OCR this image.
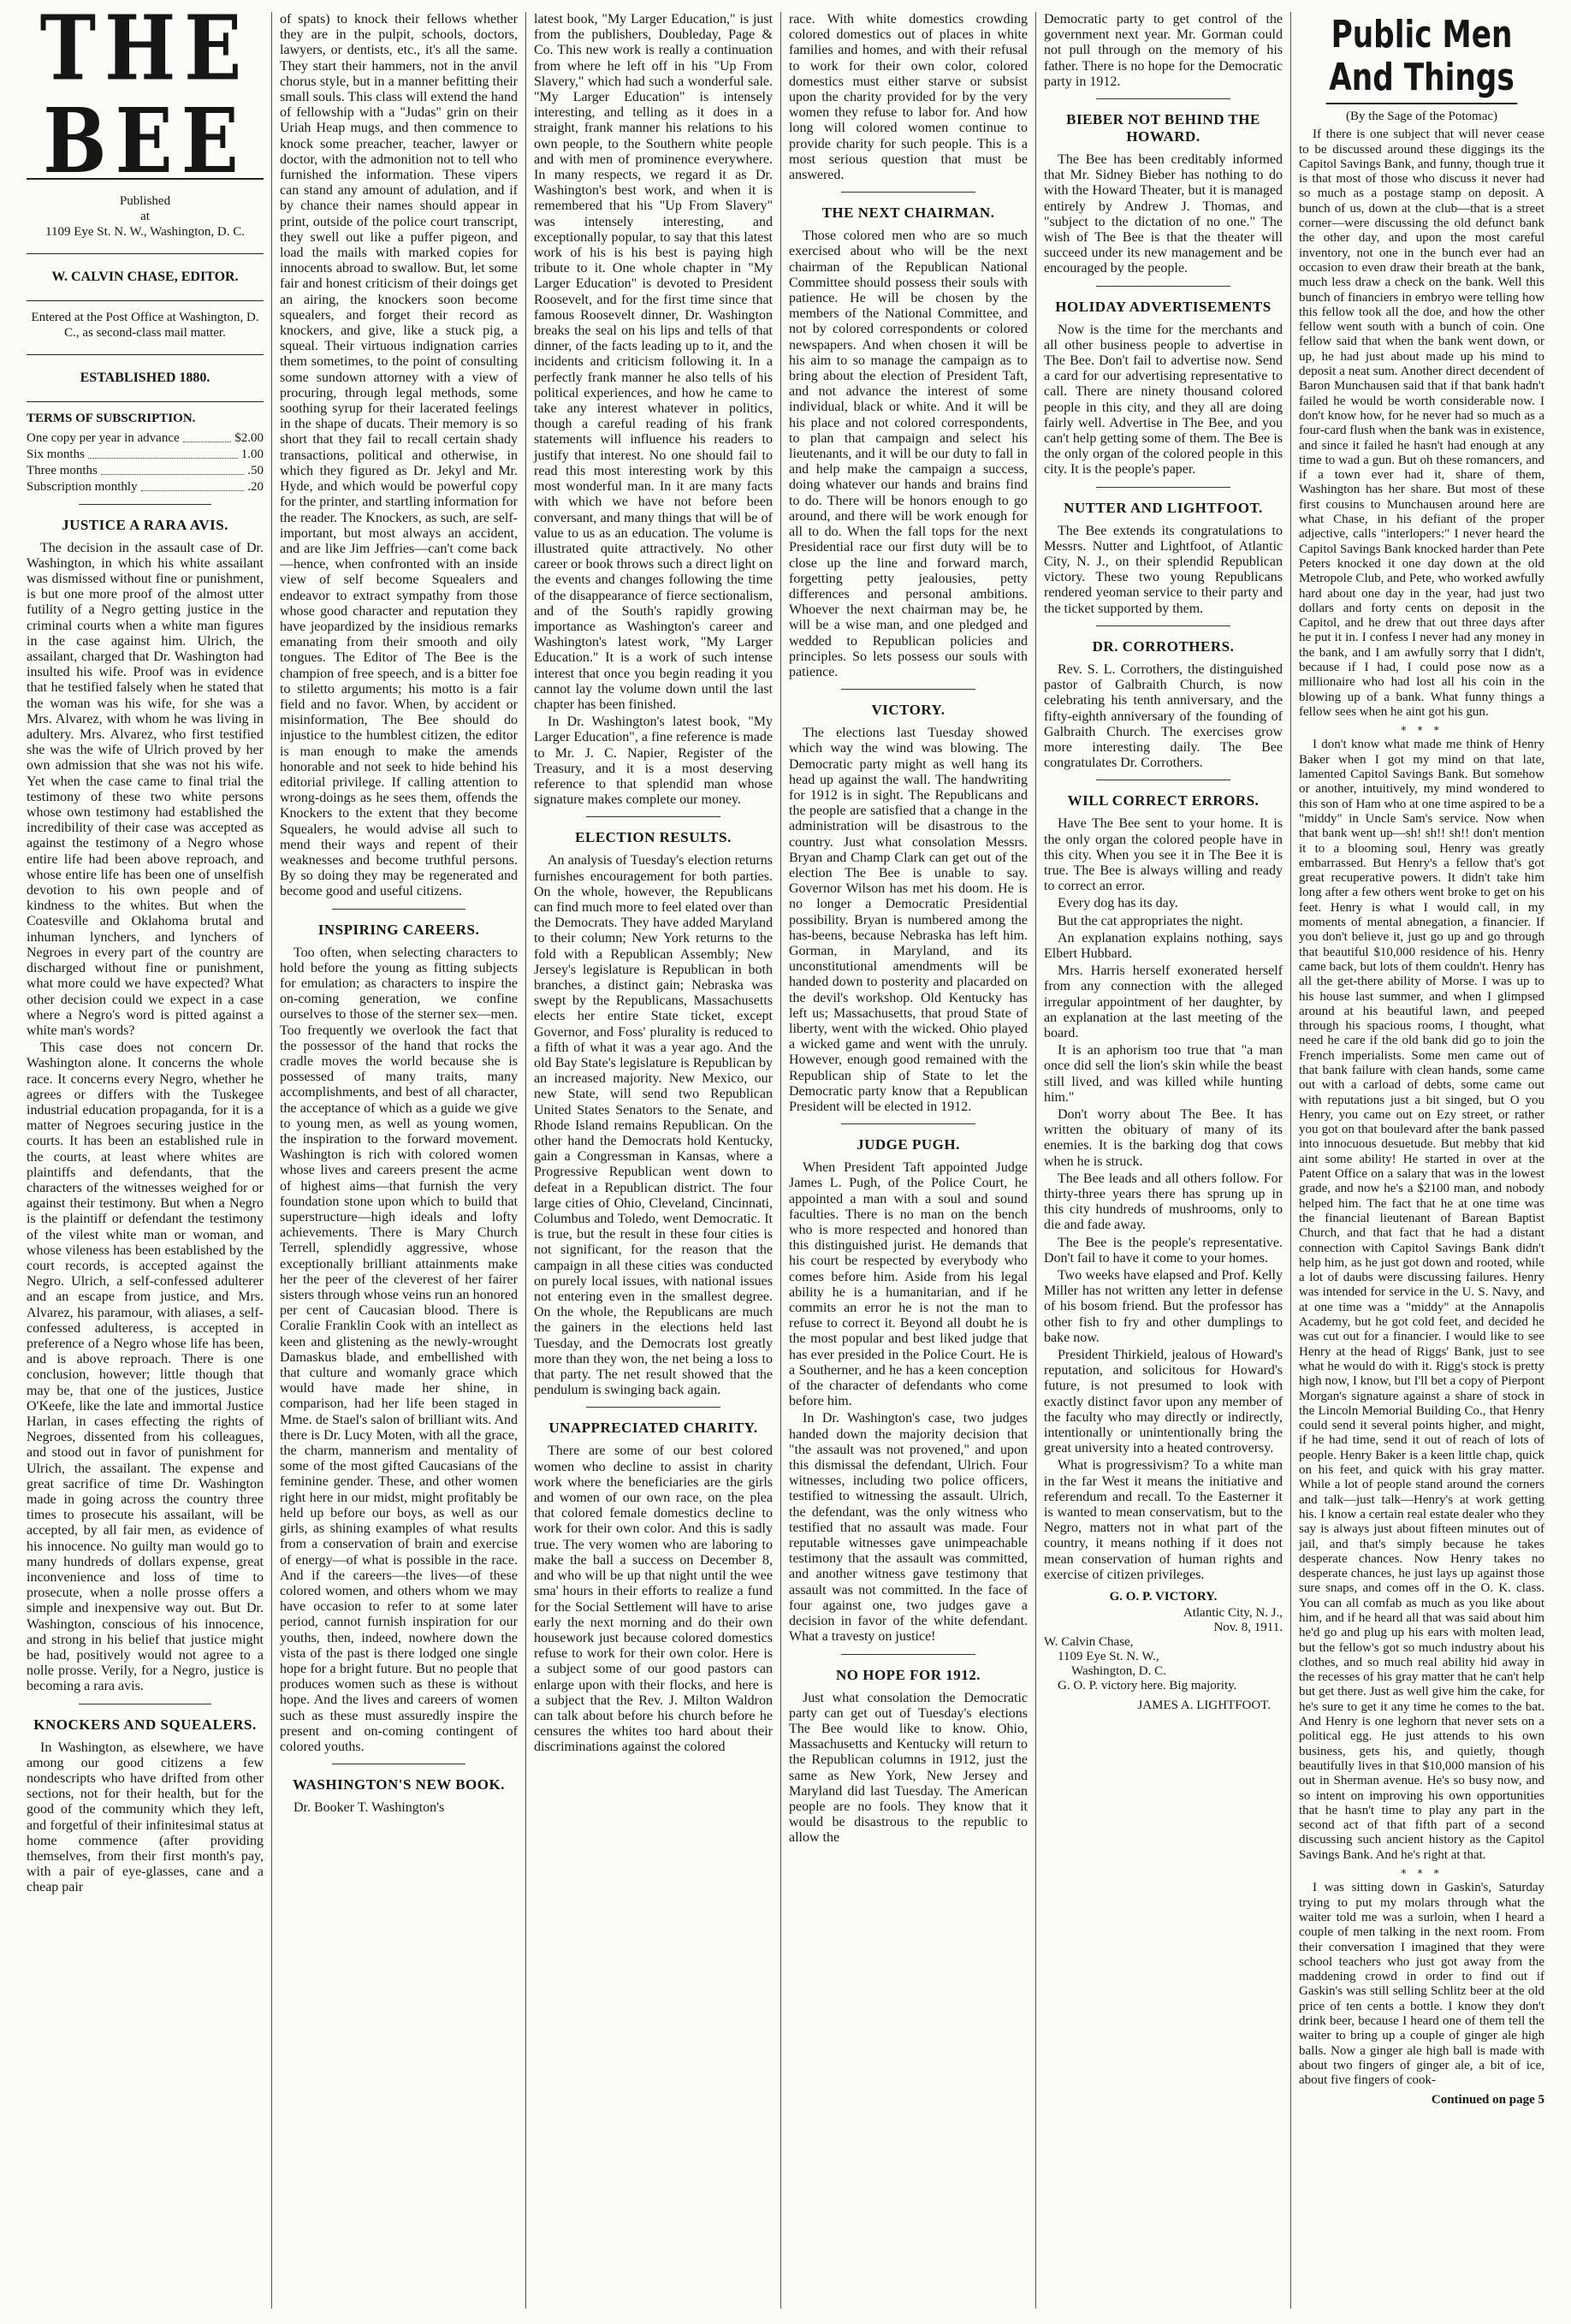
THE BEE
Published
at
1109 Eye St. N. W., Washington, D. C.
W. CALVIN CHASE, EDITOR.
Entered at the Post Office at Washington, D. C., as second-class mail matter.
ESTABLISHED 1880.
TERMS OF SUBSCRIPTION.
One copy per year in advance	$2.00
Six months	1.00
Three months	.50
Subscription monthly	.20
JUSTICE A RARA AVIS.

The decision in the assault case of Dr. Washington, in which his white assailant was dismissed without fine or punishment, is but one more proof of the almost utter futility of a Negro getting justice in the criminal courts when a white man figures in the case against him. Ulrich, the assailant, charged that Dr. Washington had insulted his wife. Proof was in evidence that he testified falsely when he stated that the woman was his wife, for she was a Mrs. Alvarez, with whom he was living in adultery. Mrs. Alvarez, who first testified she was the wife of Ulrich proved by her own admission that she was not his wife. Yet when the case came to final trial the testimony of these two white persons whose own testimony had established the incredibility of their case was accepted as against the testimony of a Negro whose entire life had been above reproach, and whose entire life has been one of unselfish devotion to his own people and of kindness to the whites. But when the Coatesville and Oklahoma brutal and inhuman lynchers, and lynchers of Negroes in every part of the country are discharged without fine or punishment, what more could we have expected? What other decision could we expect in a case where a Negro's word is pitted against a white man's words?

This case does not concern Dr. Washington alone. It concerns the whole race. It concerns every Negro, whether he agrees or differs with the Tuskegee industrial education propaganda, for it is a matter of Negroes securing justice in the courts. It has been an established rule in the courts, at least where whites are plaintiffs and defendants, that the characters of the witnesses weighed for or against their testimony. But when a Negro is the plaintiff or defendant the testimony of the vilest white man or woman, and whose vileness has been established by the court records, is accepted against the Negro. Ulrich, a self-confessed adulterer and an escape from justice, and Mrs. Alvarez, his paramour, with aliases, a self-confessed adulteress, is accepted in preference of a Negro whose life has been, and is above reproach. There is one conclusion, however; little though that may be, that one of the justices, Justice O'Keefe, like the late and immortal Justice Harlan, in cases effecting the rights of Negroes, dissented from his colleagues, and stood out in favor of punishment for Ulrich, the assailant. The expense and great sacrifice of time Dr. Washington made in going across the country three times to prosecute his assailant, will be accepted, by all fair men, as evidence of his innocence. No guilty man would go to many hundreds of dollars expense, great inconvenience and loss of time to prosecute, when a nolle prosse offers a simple and inexpensive way out. But Dr. Washington, conscious of his innocence, and strong in his belief that justice might be had, positively would not agree to a nolle prosse. Verily, for a Negro, justice is becoming a rara avis.

KNOCKERS AND SQUEALERS.

In Washington, as elsewhere, we have among our good citizens a few nondescripts who have drifted from other sections, not for their health, but for the good of the community which they left, and forgetful of their infinitesimal status at home commence (after providing themselves, from their first month's pay, with a pair of eye-glasses, cane and a cheap pair

of spats) to knock their fellows whether they are in the pulpit, schools, doctors, lawyers, or dentists, etc., it's all the same. They start their hammers, not in the anvil chorus style, but in a manner befitting their small souls. This class will extend the hand of fellowship with a "Judas" grin on their Uriah Heap mugs, and then commence to knock some preacher, teacher, lawyer or doctor, with the admonition not to tell who furnished the information. These vipers can stand any amount of adulation, and if by chance their names should appear in print, outside of the police court transcript, they swell out like a puffer pigeon, and load the mails with marked copies for innocents abroad to swallow. But, let some fair and honest criticism of their doings get an airing, the knockers soon become squealers, and forget their record as knockers, and give, like a stuck pig, a squeal. Their virtuous indignation carries them sometimes, to the point of consulting some sundown attorney with a view of procuring, through legal methods, some soothing syrup for their lacerated feelings in the shape of ducats. Their memory is so short that they fail to recall certain shady transactions, political and otherwise, in which they figured as Dr. Jekyl and Mr. Hyde, and which would be powerful copy for the printer, and startling information for the reader. The Knockers, as such, are self-important, but most always an accident, and are like Jim Jeffries—can't come back—hence, when confronted with an inside view of self become Squealers and endeavor to extract sympathy from those whose good character and reputation they have jeopardized by the insidious remarks emanating from their smooth and oily tongues. The Editor of The Bee is the champion of free speech, and is a bitter foe to stiletto arguments; his motto is a fair field and no favor. When, by accident or misinformation, The Bee should do injustice to the humblest citizen, the editor is man enough to make the amends honorable and not seek to hide behind his editorial privilege. If calling attention to wrong-doings as he sees them, offends the Knockers to the extent that they become Squealers, he would advise all such to mend their ways and repent of their weaknesses and become truthful persons. By so doing they may be regenerated and become good and useful citizens.

INSPIRING CAREERS.

Too often, when selecting characters to hold before the young as fitting subjects for emulation; as characters to inspire the on-coming generation, we confine ourselves to those of the sterner sex—men. Too frequently we overlook the fact that the possessor of the hand that rocks the cradle moves the world because she is possessed of many traits, many accomplishments, and best of all character, the acceptance of which as a guide we give to young men, as well as young women, the inspiration to the forward movement. Washington is rich with colored women whose lives and careers present the acme of highest aims—that furnish the very foundation stone upon which to build that superstructure—high ideals and lofty achievements. There is Mary Church Terrell, splendidly aggressive, whose exceptionally brilliant attainments make her the peer of the cleverest of her fairer sisters through whose veins run an honored per cent of Caucasian blood. There is Coralie Franklin Cook with an intellect as keen and glistening as the newly-wrought Damaskus blade, and embellished with that culture and womanly grace which would have made her shine, in comparison, had her life been staged in Mme. de Stael's salon of brilliant wits. And there is Dr. Lucy Moten, with all the grace, the charm, mannerism and mentality of some of the most gifted Caucasians of the feminine gender. These, and other women right here in our midst, might profitably be held up before our boys, as well as our girls, as shining examples of what results from a conservation of brain and exercise of energy—of what is possible in the race. And if the careers—the lives—of these colored women, and others whom we may have occasion to refer to at some later period, cannot furnish inspiration for our youths, then, indeed, nowhere down the vista of the past is there lodged one single hope for a bright future. But no people that produces women such as these is without hope. And the lives and careers of women such as these must assuredly inspire the present and on-coming contingent of colored youths.

WASHINGTON'S NEW BOOK.

Dr. Booker T. Washington's

latest book, "My Larger Education," is just from the publishers, Doubleday, Page & Co. This new work is really a continuation from where he left off in his "Up From Slavery," which had such a wonderful sale. "My Larger Education" is intensely interesting, and telling as it does in a straight, frank manner his relations to his own people, to the Southern white people and with men of prominence everywhere. In many respects, we regard it as Dr. Washington's best work, and when it is remembered that his "Up From Slavery" was intensely interesting, and exceptionally popular, to say that this latest work of his is his best is paying high tribute to it. One whole chapter in "My Larger Education" is devoted to President Roosevelt, and for the first time since that famous Roosevelt dinner, Dr. Washington breaks the seal on his lips and tells of that dinner, of the facts leading up to it, and the incidents and criticism following it. In a perfectly frank manner he also tells of his political experiences, and how he came to take any interest whatever in politics, though a careful reading of his frank statements will influence his readers to justify that interest. No one should fail to read this most interesting work by this most wonderful man. In it are many facts with which we have not before been conversant, and many things that will be of value to us as an education. The volume is illustrated quite attractively. No other career or book throws such a direct light on the events and changes following the time of the disappearance of fierce sectionalism, and of the South's rapidly growing importance as Washington's career and Washington's latest work, "My Larger Education." It is a work of such intense interest that once you begin reading it you cannot lay the volume down until the last chapter has been finished.

In Dr. Washington's latest book, "My Larger Education", a fine reference is made to Mr. J. C. Napier, Register of the Treasury, and it is a most deserving reference to that splendid man whose signature makes complete our money.

ELECTION RESULTS.

An analysis of Tuesday's election returns furnishes encouragement for both parties. On the whole, however, the Republicans can find much more to feel elated over than the Democrats. They have added Maryland to their column; New York returns to the fold with a Republican Assembly; New Jersey's legislature is Republican in both branches, a distinct gain; Nebraska was swept by the Republicans, Massachusetts elects her entire State ticket, except Governor, and Foss' plurality is reduced to a fifth of what it was a year ago. And the old Bay State's legislature is Republican by an increased majority. New Mexico, our new State, will send two Republican United States Senators to the Senate, and Rhode Island remains Republican. On the other hand the Democrats hold Kentucky, gain a Congressman in Kansas, where a Progressive Republican went down to defeat in a Republican district. The four large cities of Ohio, Cleveland, Cincinnati, Columbus and Toledo, went Democratic. It is true, but the result in these four cities is not significant, for the reason that the campaign in all these cities was conducted on purely local issues, with national issues not entering even in the smallest degree. On the whole, the Republicans are much the gainers in the elections held last Tuesday, and the Democrats lost greatly more than they won, the net being a loss to that party. The net result showed that the pendulum is swinging back again.

UNAPPRECIATED CHARITY.

There are some of our best colored women who decline to assist in charity work where the beneficiaries are the girls and women of our own race, on the plea that colored female domestics decline to work for their own color. And this is sadly true. The very women who are laboring to make the ball a success on December 8, and who will be up that night until the wee sma' hours in their efforts to realize a fund for the Social Settlement will have to arise early the next morning and do their own housework just because colored domestics refuse to work for their own color. Here is a subject some of our good pastors can enlarge upon with their flocks, and here is a subject that the Rev. J. Milton Waldron can talk about before his church before he censures the whites too hard about their discriminations against the colored

race. With white domestics crowding colored domestics out of places in white families and homes, and with their refusal to work for their own color, colored domestics must either starve or subsist upon the charity provided for by the very women they refuse to labor for. And how long will colored women continue to provide charity for such people. This is a most serious question that must be answered.

THE NEXT CHAIRMAN.

Those colored men who are so much exercised about who will be the next chairman of the Republican National Committee should possess their souls with patience. He will be chosen by the members of the National Committee, and not by colored correspondents or colored newspapers. And when chosen it will be his aim to so manage the campaign as to bring about the election of President Taft, and not advance the interest of some individual, black or white. And it will be his place and not colored correspondents, to plan that campaign and select his lieutenants, and it will be our duty to fall in and help make the campaign a success, doing whatever our hands and brains find to do. There will be honors enough to go around, and there will be work enough for all to do. When the fall tops for the next Presidential race our first duty will be to close up the line and forward march, forgetting petty jealousies, petty differences and personal ambitions. Whoever the next chairman may be, he will be a wise man, and one pledged and wedded to Republican policies and principles. So lets possess our souls with patience.

VICTORY.

The elections last Tuesday showed which way the wind was blowing. The Democratic party might as well hang its head up against the wall. The handwriting for 1912 is in sight. The Republicans and the people are satisfied that a change in the administration will be disastrous to the country. Just what consolation Messrs. Bryan and Champ Clark can get out of the election The Bee is unable to say. Governor Wilson has met his doom. He is no longer a Democratic Presidential possibility. Bryan is numbered among the has-beens, because Nebraska has left him. Gorman, in Maryland, and its unconstitutional amendments will be handed down to posterity and placarded on the devil's workshop. Old Kentucky has left us; Massachusetts, that proud State of liberty, went with the wicked. Ohio played a wicked game and went with the unruly. However, enough good remained with the Republican ship of State to let the Democratic party know that a Republican President will be elected in 1912.

JUDGE PUGH.

When President Taft appointed Judge James L. Pugh, of the Police Court, he appointed a man with a soul and sound faculties. There is no man on the bench who is more respected and honored than this distinguished jurist. He demands that his court be respected by everybody who comes before him. Aside from his legal ability he is a humanitarian, and if he commits an error he is not the man to refuse to correct it. Beyond all doubt he is the most popular and best liked judge that has ever presided in the Police Court. He is a Southerner, and he has a keen conception of the character of defendants who come before him.

In Dr. Washington's case, two judges handed down the majority decision that "the assault was not provened," and upon this dismissal the defendant, Ulrich. Four witnesses, including two police officers, testified to witnessing the assault. Ulrich, the defendant, was the only witness who testified that no assault was made. Four reputable witnesses gave unimpeachable testimony that the assault was committed, and another witness gave testimony that assault was not committed. In the face of four against one, two judges gave a decision in favor of the white defendant. What a travesty on justice!

NO HOPE FOR 1912.

Just what consolation the Democratic party can get out of Tuesday's elections The Bee would like to know. Ohio, Massachusetts and Kentucky will return to the Republican columns in 1912, just the same as New York, New Jersey and Maryland did last Tuesday. The American people are no fools. They know that it would be disastrous to the republic to allow the

Democratic party to get control of the government next year. Mr. Gorman could not pull through on the memory of his father. There is no hope for the Democratic party in 1912.

BIEBER NOT BEHIND THE HOWARD.

The Bee has been creditably informed that Mr. Sidney Bieber has nothing to do with the Howard Theater, but it is managed entirely by Andrew J. Thomas, and "subject to the dictation of no one." The wish of The Bee is that the theater will succeed under its new management and be encouraged by the people.

HOLIDAY ADVERTISEMENTS

Now is the time for the merchants and all other business people to advertise in The Bee. Don't fail to advertise now. Send a card for our advertising representative to call. There are ninety thousand colored people in this city, and they all are doing fairly well. Advertise in The Bee, and you can't help getting some of them. The Bee is the only organ of the colored people in this city. It is the people's paper.

NUTTER AND LIGHTFOOT.

The Bee extends its congratulations to Messrs. Nutter and Lightfoot, of Atlantic City, N. J., on their splendid Republican victory. These two young Republicans rendered yeoman service to their party and the ticket supported by them.

DR. CORROTHERS.

Rev. S. L. Corrothers, the distinguished pastor of Galbraith Church, is now celebrating his tenth anniversary, and the fifty-eighth anniversary of the founding of Galbraith Church. The exercises grow more interesting daily. The Bee congratulates Dr. Corrothers.

WILL CORRECT ERRORS.

Have The Bee sent to your home. It is the only organ the colored people have in this city. When you see it in The Bee it is true. The Bee is always willing and ready to correct an error.

Every dog has its day.

But the cat appropriates the night.

An explanation explains nothing, says Elbert Hubbard.

Mrs. Harris herself exonerated herself from any connection with the alleged irregular appointment of her daughter, by an explanation at the last meeting of the board.

It is an aphorism too true that "a man once did sell the lion's skin while the beast still lived, and was killed while hunting him."

Don't worry about The Bee. It has written the obituary of many of its enemies. It is the barking dog that cows when he is struck.

The Bee leads and all others follow. For thirty-three years there has sprung up in this city hundreds of mushrooms, only to die and fade away.

The Bee is the people's representative. Don't fail to have it come to your homes.

Two weeks have elapsed and Prof. Kelly Miller has not written any letter in defense of his bosom friend. But the professor has other fish to fry and other dumplings to bake now.

President Thirkield, jealous of Howard's reputation, and solicitous for Howard's future, is not presumed to look with exactly distinct favor upon any member of the faculty who may directly or indirectly, intentionally or unintentionally bring the great university into a heated controversy.

What is progressivism? To a white man in the far West it means the initiative and referendum and recall. To the Easterner it is wanted to mean conservatism, but to the Negro, matters not in what part of the country, it means nothing if it does not mean conservation of human rights and exercise of citizen privileges.

G. O. P. VICTORY.
Atlantic City, N. J.,
Nov. 8, 1911.
W. Calvin Chase,
1109 Eye St. N. W.,
Washington, D. C.

G. O. P. victory here. Big majority.

JAMES A. LIGHTFOOT.
Public Men And Things
(By the Sage of the Potomac)

If there is one subject that will never cease to be discussed around these diggings its the Capitol Savings Bank, and funny, though true it is that most of those who discuss it never had so much as a postage stamp on deposit. A bunch of us, down at the club—that is a street corner—were discussing the old defunct bank the other day, and upon the most careful inventory, not one in the bunch ever had an occasion to even draw their breath at the bank, much less draw a check on the bank. Well this bunch of financiers in embryo were telling how this fellow took all the doe, and how the other fellow went south with a bunch of coin. One fellow said that when the bank went down, or up, he had just about made up his mind to deposit a neat sum. Another direct decendent of Baron Munchausen said that if that bank hadn't failed he would be worth considerable now. I don't know how, for he never had so much as a four-card flush when the bank was in existence, and since it failed he hasn't had enough at any time to wad a gun. But oh these romancers, and if a town ever had it, share of them, Washington has her share. But most of these first cousins to Munchausen around here are what Chase, in his defiant of the proper adjective, calls "interlopers:" I never heard the Capitol Savings Bank knocked harder than Pete Peters knocked it one day down at the old Metropole Club, and Pete, who worked awfully hard about one day in the year, had just two dollars and forty cents on deposit in the Capitol, and he drew that out three days after he put it in. I confess I never had any money in the bank, and I am awfully sorry that I didn't, because if I had, I could pose now as a millionaire who had lost all his coin in the blowing up of a bank. What funny things a fellow sees when he aint got his gun.

∗ ∗ ∗

I don't know what made me think of Henry Baker when I got my mind on that late, lamented Capitol Savings Bank. But somehow or another, intuitively, my mind wondered to this son of Ham who at one time aspired to be a "middy" in Uncle Sam's service. Now when that bank went up—sh! sh!! sh!! don't mention it to a blooming soul, Henry was greatly embarrassed. But Henry's a fellow that's got great recuperative powers. It didn't take him long after a few others went broke to get on his feet. Henry is what I would call, in my moments of mental abnegation, a financier. If you don't believe it, just go up and go through that beautiful $10,000 residence of his. Henry came back, but lots of them couldn't. Henry has all the get-there ability of Morse. I was up to his house last summer, and when I glimpsed around at his beautiful lawn, and peeped through his spacious rooms, I thought, what need he care if the old bank did go to join the French imperialists. Some men came out of that bank failure with clean hands, some came out with a carload of debts, some came out with reputations just a bit singed, but O you Henry, you came out on Ezy street, or rather you got on that boulevard after the bank passed into innocuous desuetude. But mebby that kid aint some ability! He started in over at the Patent Office on a salary that was in the lowest grade, and now he's a $2100 man, and nobody helped him. The fact that he at one time was the financial lieutenant of Barean Baptist Church, and that fact that he had a distant connection with Capitol Savings Bank didn't help him, as he just got down and rooted, while a lot of daubs were discussing failures. Henry was intended for service in the U. S. Navy, and at one time was a "middy" at the Annapolis Academy, but he got cold feet, and decided he was cut out for a financier. I would like to see Henry at the head of Riggs' Bank, just to see what he would do with it. Rigg's stock is pretty high now, I know, but I'll bet a copy of Pierpont Morgan's signature against a share of stock in the Lincoln Memorial Building Co., that Henry could send it several points higher, and might, if he had time, send it out of reach of lots of people. Henry Baker is a keen little chap, quick on his feet, and quick with his gray matter. While a lot of people stand around the corners and talk—just talk—Henry's at work getting his. I know a certain real estate dealer who they say is always just about fifteen minutes out of jail, and that's simply because he takes desperate chances. Now Henry takes no desperate chances, he just lays up against those sure snaps, and comes off in the O. K. class. You can all comfab as much as you like about him, and if he heard all that was said about him he'd go and plug up his ears with molten lead, but the fellow's got so much industry about his clothes, and so much real ability hid away in the recesses of his gray matter that he can't help but get there. Just as well give him the cake, for he's sure to get it any time he comes to the bat. And Henry is one leghorn that never sets on a political egg. He just attends to his own business, gets his, and quietly, though beautifully lives in that $10,000 mansion of his out in Sherman avenue. He's so busy now, and so intent on improving his own opportunities that he hasn't time to play any part in the second act of that fifth part of a second discussing such ancient history as the Capitol Savings Bank. And he's right at that.

∗ ∗ ∗

I was sitting down in Gaskin's, Saturday trying to put my molars through what the waiter told me was a surloin, when I heard a couple of men talking in the next room. From their conversation I imagined that they were school teachers who just got away from the maddening crowd in order to find out if Gaskin's was still selling Schlitz beer at the old price of ten cents a bottle. I know they don't drink beer, because I heard one of them tell the waiter to bring up a couple of ginger ale high balls. Now a ginger ale high ball is made with about two fingers of ginger ale, a bit of ice, about five fingers of cook-

Continued on page 5
